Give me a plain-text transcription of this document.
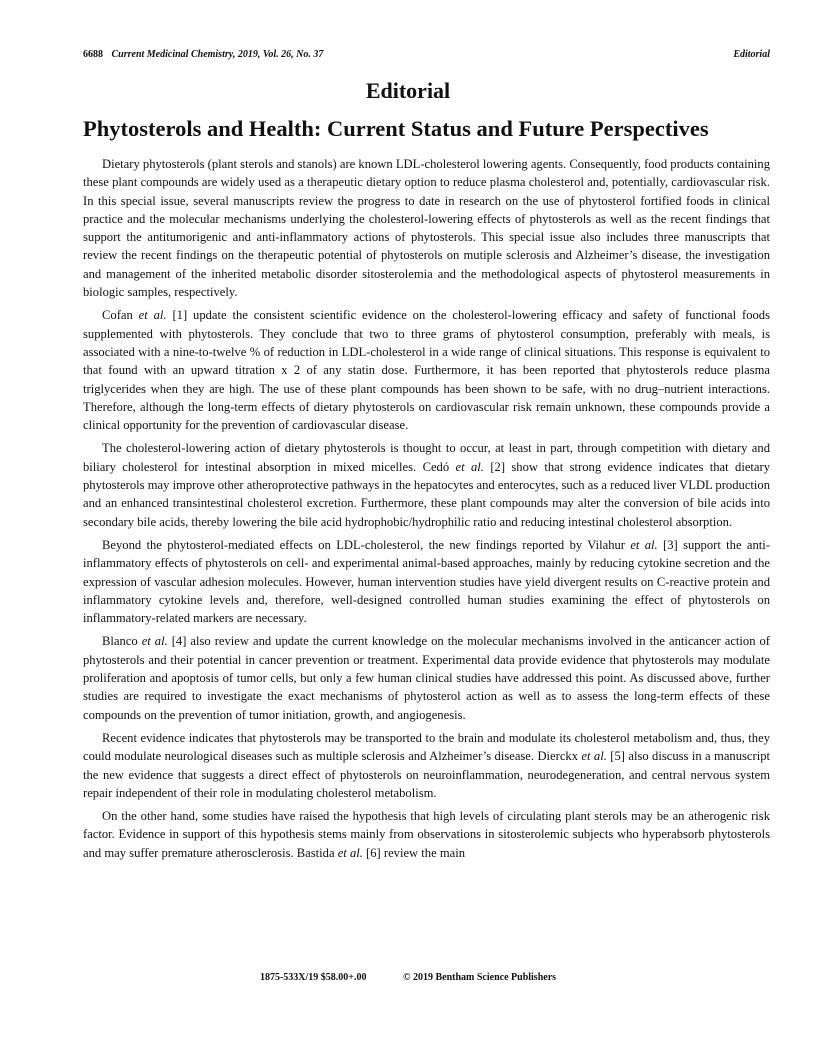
6688 Current Medicinal Chemistry, 2019, Vol. 26, No. 37	Editorial
Editorial
Phytosterols and Health: Current Status and Future Perspectives

Dietary phytosterols (plant sterols and stanols) are known LDL-cholesterol lowering agents. Consequently, food products containing these plant compounds are widely used as a therapeutic dietary option to reduce plasma cholesterol and, potentially, cardiovascular risk. In this special issue, several manuscripts review the progress to date in research on the use of phytosterol fortified foods in clinical practice and the molecular mechanisms underlying the cholesterol-lowering effects of phytosterols as well as the recent findings that support the antitumorigenic and anti-inflammatory actions of phytosterols. This special issue also includes three manuscripts that review the recent findings on the therapeutic potential of phytosterols on mutiple sclerosis and Alzheimer’s disease, the investigation and management of the inherited metabolic disorder sitosterolemia and the methodological aspects of phytosterol measurements in biologic samples, respectively.

Cofan et al. [1] update the consistent scientific evidence on the cholesterol-lowering efficacy and safety of functional foods supplemented with phytosterols. They conclude that two to three grams of phytosterol consumption, preferably with meals, is associated with a nine-to-twelve % of reduction in LDL-cholesterol in a wide range of clinical situations. This response is equivalent to that found with an upward titration x 2 of any statin dose. Furthermore, it has been reported that phytosterols reduce plasma triglycerides when they are high. The use of these plant compounds has been shown to be safe, with no drug–nutrient interactions. Therefore, although the long-term effects of dietary phytosterols on cardiovascular risk remain unknown, these compounds provide a clinical opportunity for the prevention of cardiovascular disease.

The cholesterol-lowering action of dietary phytosterols is thought to occur, at least in part, through competition with dietary and biliary cholesterol for intestinal absorption in mixed micelles. Cedó et al. [2] show that strong evidence indicates that dietary phytosterols may improve other atheroprotective pathways in the hepatocytes and enterocytes, such as a reduced liver VLDL production and an enhanced transintestinal cholesterol excretion. Furthermore, these plant compounds may alter the conversion of bile acids into secondary bile acids, thereby lowering the bile acid hydrophobic/hydrophilic ratio and reducing intestinal cholesterol absorption.

Beyond the phytosterol-mediated effects on LDL-cholesterol, the new findings reported by Vilahur et al. [3] support the anti-inflammatory effects of phytosterols on cell- and experimental animal-based approaches, mainly by reducing cytokine secretion and the expression of vascular adhesion molecules. However, human intervention studies have yield divergent results on C-reactive protein and inflammatory cytokine levels and, therefore, well-designed controlled human studies examining the effect of phytosterols on inflammatory-related markers are necessary.

Blanco et al. [4] also review and update the current knowledge on the molecular mechanisms involved in the anticancer action of phytosterols and their potential in cancer prevention or treatment. Experimental data provide evidence that phytosterols may modulate proliferation and apoptosis of tumor cells, but only a few human clinical studies have addressed this point. As discussed above, further studies are required to investigate the exact mechanisms of phytosterol action as well as to assess the long-term effects of these compounds on the prevention of tumor initiation, growth, and angiogenesis.

Recent evidence indicates that phytosterols may be transported to the brain and modulate its cholesterol metabolism and, thus, they could modulate neurological diseases such as multiple sclerosis and Alzheimer’s disease. Dierckx et al. [5] also discuss in a manuscript the new evidence that suggests a direct effect of phytosterols on neuroinflammation, neurodegeneration, and central nervous system repair independent of their role in modulating cholesterol metabolism.

On the other hand, some studies have raised the hypothesis that high levels of circulating plant sterols may be an atherogenic risk factor. Evidence in support of this hypothesis stems mainly from observations in sitosterolemic subjects who hyperabsorb phytosterols and may suffer premature atherosclerosis. Bastida et al. [6] review the main

1875-533X/19 $58.00+.00	© 2019 Bentham Science Publishers
